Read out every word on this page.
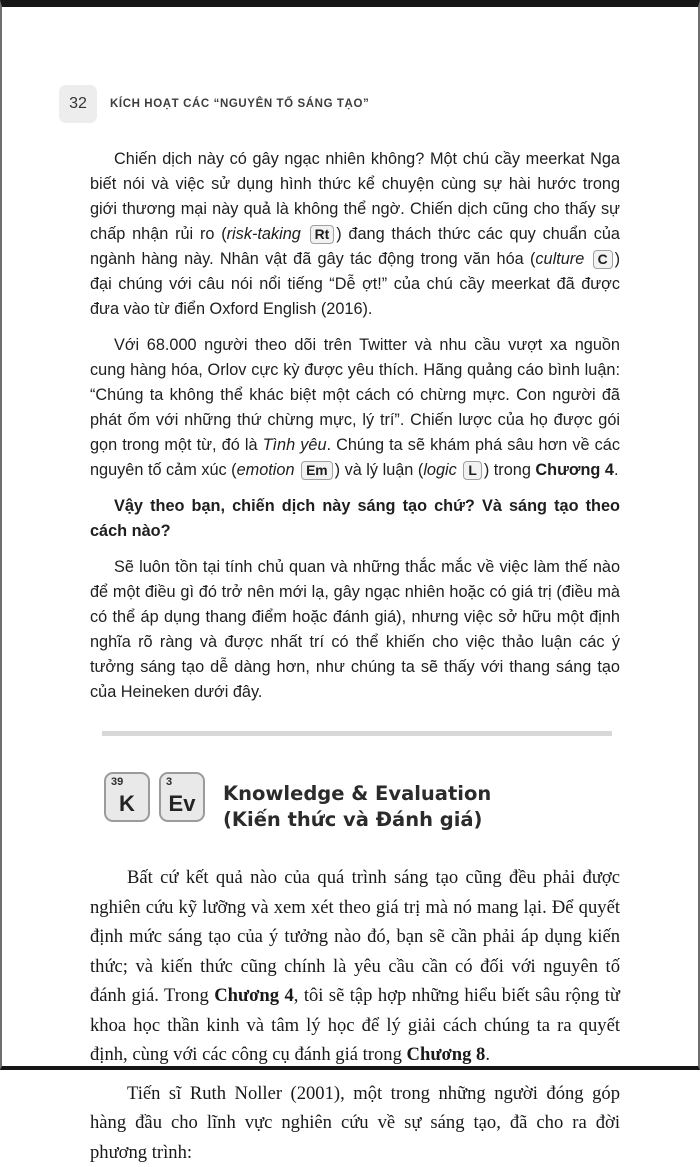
32 KÍCH HOẠT CÁC “NGUYÊN TỐ SÁNG TẠO”

Chiến dịch này có gây ngạc nhiên không? Một chú cầy meerkat Nga biết nói và việc sử dụng hình thức kể chuyện cùng sự hài hước trong giới thương mại này quả là không thể ngờ. Chiến dịch cũng cho thấy sự chấp nhận rủi ro (risk-taking Rt ) đang thách thức các quy chuẩn của ngành hàng này. Nhân vật đã gây tác động trong văn hóa (culture C ) đại chúng với câu nói nổi tiếng “Dễ ợt!” của chú cầy meerkat đã được đưa vào từ điển Oxford English (2016).

Với 68.000 người theo dõi trên Twitter và nhu cầu vượt xa nguồn cung hàng hóa, Orlov cực kỳ được yêu thích. Hãng quảng cáo bình luận: “Chúng ta không thể khác biệt một cách có chừng mực. Con người đã phát ốm với những thứ chừng mực, lý trí”. Chiến lược của họ được gói gọn trong một từ, đó là Tình yêu. Chúng ta sẽ khám phá sâu hơn về các nguyên tố cảm xúc (emotion Em ) và lý luận (logic L ) trong Chương 4.

Vậy theo bạn, chiến dịch này sáng tạo chứ? Và sáng tạo theo cách nào?

Sẽ luôn tồn tại tính chủ quan và những thắc mắc về việc làm thế nào để một điều gì đó trở nên mới lạ, gây ngạc nhiên hoặc có giá trị (điều mà có thể áp dụng thang điểm hoặc đánh giá), nhưng việc sở hữu một định nghĩa rõ ràng và được nhất trí có thể khiến cho việc thảo luận các ý tưởng sáng tạo dễ dàng hơn, như chúng ta sẽ thấy với thang sáng tạo của Heineken dưới đây.

39
K
3
Ev	Knowledge & Evaluation
(Kiến thức và Đánh giá)

Bất cứ kết quả nào của quá trình sáng tạo cũng đều phải được nghiên cứu kỹ lưỡng và xem xét theo giá trị mà nó mang lại. Để quyết định mức sáng tạo của ý tưởng nào đó, bạn sẽ cần phải áp dụng kiến thức; và kiến thức cũng chính là yêu cầu cần có đối với nguyên tố đánh giá. Trong Chương 4, tôi sẽ tập hợp những hiểu biết sâu rộng từ khoa học thần kinh và tâm lý học để lý giải cách chúng ta ra quyết định, cùng với các công cụ đánh giá trong Chương 8.

Tiến sĩ Ruth Noller (2001), một trong những người đóng góp hàng đầu cho lĩnh vực nghiên cứu về sự sáng tạo, đã cho ra đời phương trình:
